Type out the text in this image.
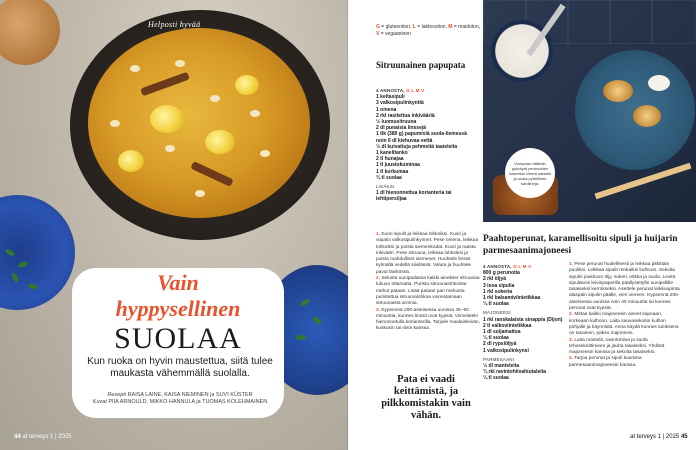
Helposti hyvää
Vain
hyppysellinen
SUOLAA
Kun ruoka on hyvin maustettua, siitä tulee maukasta vähemmällä suolalla.
Resepti RAISA LAINE, KAISA NIEMINEN ja SUVI KÜSTER
Kuvat PIIA ARNOULD, MIKKO HANNULA ja TUOMAS KOLEHMAINEN
44 at terveys 1 | 2025
G = gluteeniton, L = laktoositon, M = maidoton, V = vegaaninen
Sitruunainen papupata
4 ANNOSTA, G L M V
1 keltasipuli
3 valkosipulinkynttä
1 omena
2 rkl rasitettua inkivääriä
½ luomusitruuna
2 dl punaisia linssejä
1 tlk (380 g) papumixiä suola-liemessä
noin 6 dl kiehuvaa vettä
½ dl kuivattuja pehmeitä taateleita
1 kanelitanko
2 tl hunajaa
1 tl juustokuminaa
1 tl kurkumaa
¾ tl suolaa
LISÄKSI
1 dl hienonnettua korianteria tai lehtipersiljaa
1. Kuori sipulit ja leikkaa lohkoiksi. Kuori ja viipaloi valkosipulinkynnet. Pese omena, leikkaa lohkoiksi ja poista siemenkodat. Kuori ja raasta inkivääri. Pese sitruuna, leikkaa lohkoiksi ja poista mahdolliset siemenet. Huuhtele linssit kylmällä vedellä siivilässä. Valuta ja huuhtele pavut lävikössä.
2. Sekoita uunipadassa kaikki ainekset sitruunaa lukuun ottamatta. Purista sitruunalohkoista mehut pataan. Lisää pataan pari mehusta puristettua sitruunalohkoa voimistamaan sitruunaista aromia.
3. Kypsennä 200-asteisessa uunissa 45–60 minuuttia, kunnes linssit ovat kypsiä. Viimeistele hienonnetulla korianterilla. Tarjoile maalaisleivän, kuskusin tai riisin kanssa.
Pata ei vaadi keittämistä, ja pilkkomistakin vain vähän.
Vompaan välkkän pyöräytä perunoiden kaveriksi vihreä salaatti ja uusia pyrkillinen sardiineja.
Paahtoperunat, karamellisoitu sipuli ja huijarin parmesaanimajoneesi
4 ANNOSTA, G L M V
800 g perunoita
2 rkl öljyä
3 isoa sipulia
1 rkl sokeria
1 rkl balsamiviinietikkaa
¼ tl suolaa
MAJONEESI
1 rkl ranskalaista sinappia (Dijon)
2 tl valkoviinietikkaa
1 dl soijamaitoa
¼ tl suolaa
2 dl rypsiöljyä
1 valkosipulinkynsi
PARMESAANI
½ dl manteleita
¾ rkl ravintohiivahiutaleita
¼ tl suolaa
1. Pese perunat huolellisesti ja leikkaa pitkittäin puoliksi. Lelkkaa sipulit renkaiksi kulhoon. Sekoita sipulin joukkoon öljy, sokeri, etikka ja suola. Levitä sipuliseos leivinpaperilla päällystetylle uunipellille tasaiseksi kerrokseksi. Asettele perunat leikkuupinta alaspäin sipulin päälle, vieri viereen. Kypsennä 200-asteisessa uunissa noin 40 minuuttia tai kunnes perunat ovat kypsiä.
2. Mittaa kaikki majoneesin aineet kapeaan, korkeaan kulhoon. Laita sauvasekoitin kulhon pohjalle ja käynnistä. Anna käydä kunnes tuloksena on tasainen, paksu majoneesi.
3. Laita mantelit, ravintohiiva ja suola tehosekoittimeen ja jauha tasaiseksi. Yhdistä majoneesin kanssa ja sekoita tasaiseksi.
4. Tarjoa perunat ja sipuli kuumina parmesaanimajoneesin kanssa.
at terveys 1 | 2025 45
